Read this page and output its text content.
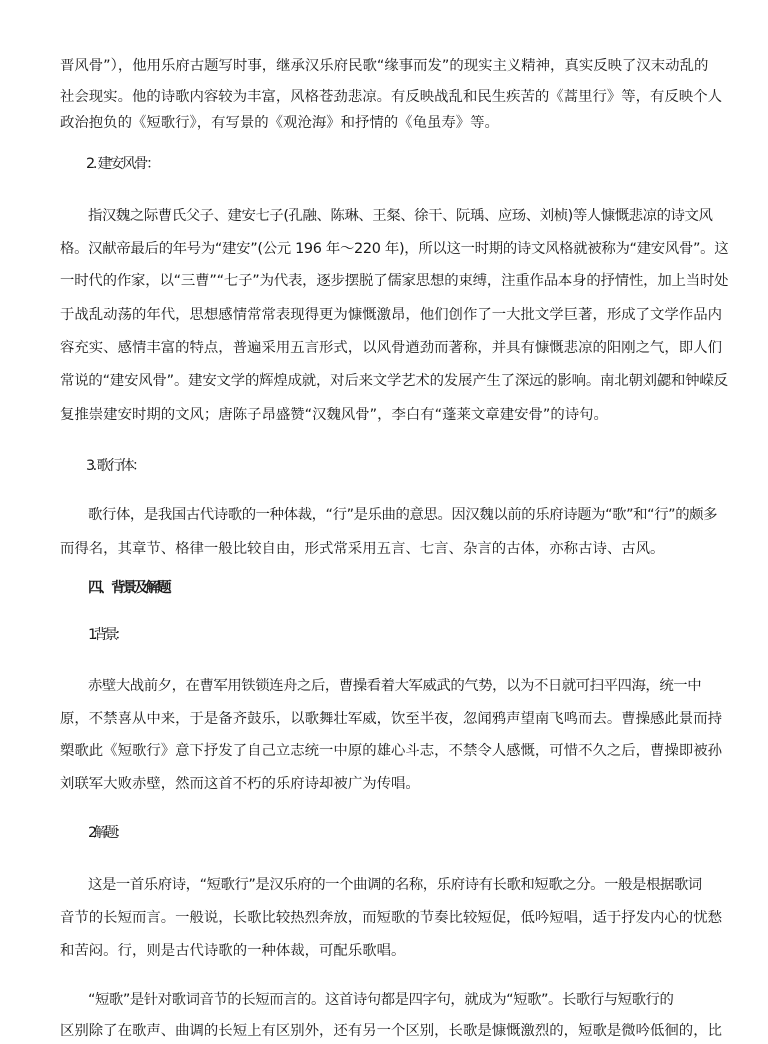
晋风骨”），他用乐府古题写时事，继承汉乐府民歌“缘事而发”的现实主义精神，真实反映了汉末动乱的
社会现实。他的诗歌内容较为丰富，风格苍劲悲凉。有反映战乱和民生疾苦的《蒿里行》等，有反映个人
政治抱负的《短歌行》，有写景的《观沧海》和抒情的《龟虽寿》等。
2. 建安风骨：
指汉魏之际曹氏父子、建安七子(孔融、陈琳、王粲、徐干、阮瑀、应玚、刘桢)等人慷慨悲凉的诗文风
格。汉献帝最后的年号为“建安”(公元 196 年～220 年)，所以这一时期的诗文风格就被称为“建安风骨”。这
一时代的作家，以“三曹”“七子”为代表，逐步摆脱了儒家思想的束缚，注重作品本身的抒情性，加上当时处
于战乱动荡的年代，思想感情常常表现得更为慷慨激昂，他们创作了一大批文学巨著，形成了文学作品内
容充实、感情丰富的特点，普遍采用五言形式，以风骨遒劲而著称，并具有慷慨悲凉的阳刚之气，即人们
常说的“建安风骨”。建安文学的辉煌成就，对后来文学艺术的发展产生了深远的影响。南北朝刘勰和钟嵘反
复推崇建安时期的文风；唐陈子昂盛赞“汉魏风骨”，李白有“蓬莱文章建安骨”的诗句。
3. 歌行体：
歌行体，是我国古代诗歌的一种体裁，“行”是乐曲的意思。因汉魏以前的乐府诗题为“歌”和“行”的颇多
而得名，其章节、格律一般比较自由，形式常采用五言、七言、杂言的古体，亦称古诗、古风。
四、背景及解题
1.背景：
赤壁大战前夕，在曹军用铁锁连舟之后，曹操看着大军威武的气势，以为不日就可扫平四海，统一中
原，不禁喜从中来，于是备齐鼓乐，以歌舞壮军威，饮至半夜，忽闻鸦声望南飞鸣而去。曹操感此景而持
槊歌此《短歌行》意下抒发了自己立志统一中原的雄心斗志，不禁令人感慨，可惜不久之后，曹操即被孙
刘联军大败赤壁，然而这首不朽的乐府诗却被广为传唱。
2.解题：
这是一首乐府诗，“短歌行”是汉乐府的一个曲调的名称，乐府诗有长歌和短歌之分。一般是根据歌词
音节的长短而言。一般说，长歌比较热烈奔放，而短歌的节奏比较短促，低吟短唱，适于抒发内心的忧愁
和苦闷。行，则是古代诗歌的一种体裁，可配乐歌唱。
“短歌”是针对歌词音节的长短而言的。这首诗句都是四字句，就成为“短歌”。长歌行与短歌行的
区别除了在歌声、曲调的长短上有区别外，还有另一个区别，长歌是慷慨激烈的，短歌是微吟低徊的，比
